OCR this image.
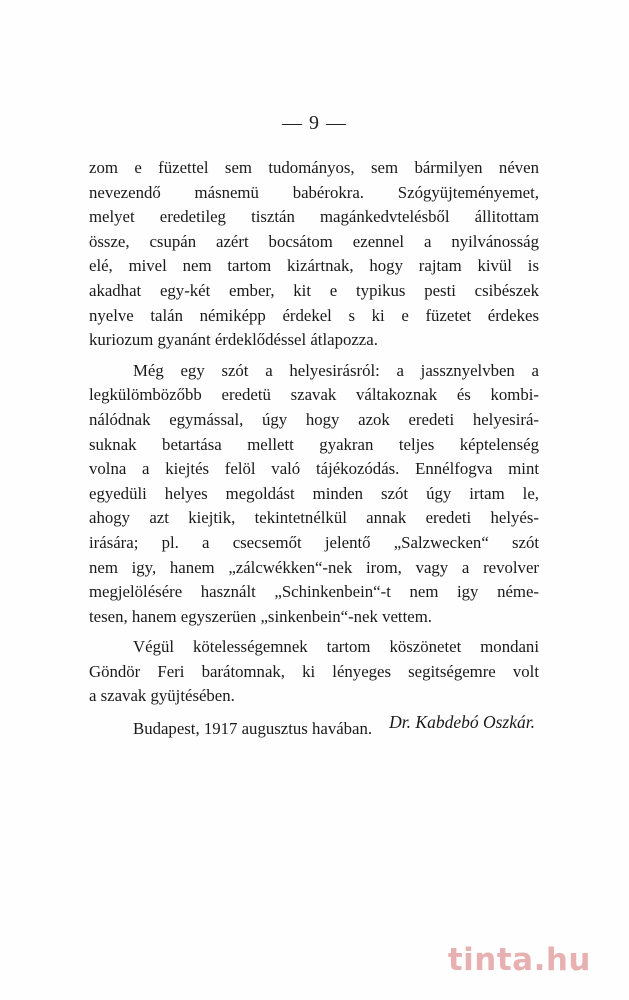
— 9 —
zom e füzettel sem tudományos, sem bármilyen néven
nevezendő másnemü babérokra. Szógyüjteményemet,
melyet eredetileg tisztán magánkedvtelésből állitottam
össze, csupán azért bocsátom ezennel a nyilvánosság
elé, mivel nem tartom kizártnak, hogy rajtam kivül is
akadhat egy-két ember, kit e typikus pesti csibészek
nyelve talán némiképp érdekel s ki e füzetet érdekes
kuriozum gyanánt érdeklődéssel átlapozza.
Még egy szót a helyesirásról: a jassznyelvben a
legkülömbözőbb eredetü szavak váltakoznak és kombi-
nálódnak egymással, úgy hogy azok eredeti helyesirá-
suknak betartása mellett gyakran teljes képtelenség
volna a kiejtés felöl való tájékozódás. Ennélfogva mint
egyedüli helyes megoldást minden szót úgy irtam le,
ahogy azt kiejtik, tekintetnélkül annak eredeti helyés-
irására; pl. a csecsemőt jelentő „Salzwecken“ szót
nem igy, hanem „zálcwékken“-nek irom, vagy a revolver
megjelölésére használt „Schinkenbein“-t nem igy néme-
tesen, hanem egyszerüen „sinkenbein“-nek vettem.
Végül kötelességemnek tartom köszönetet mondani
Göndör Feri barátomnak, ki lényeges segitségemre volt
a szavak gyüjtésében.
Budapest, 1917 augusztus havában. Dr. Kabdebó Oszkár.
tinta.hu
